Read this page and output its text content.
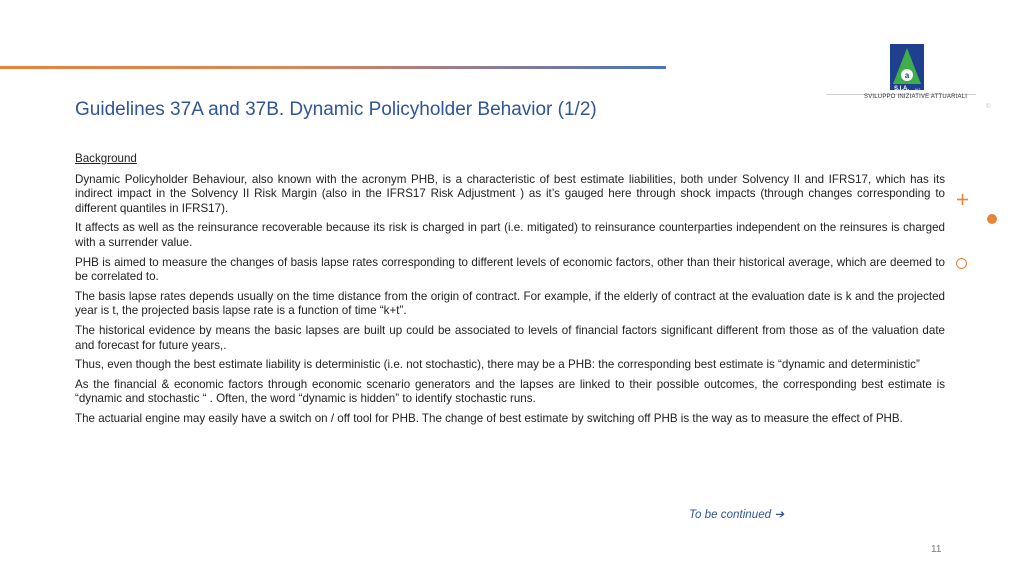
Guidelines 37A and 37B. Dynamic Policyholder Behavior (1/2)
a
S.I.A. s.r.l.
SVILUPPO INIZIATIVE ATTUARIALI
©

Background

Dynamic Policyholder Behaviour, also known with the acronym PHB, is a characteristic of best estimate liabilities, both under Solvency II and IFRS17, which has its indirect impact in the Solvency II Risk Margin (also in the IFRS17 Risk Adjustment ) as it’s gauged here through shock impacts (through changes corresponding to different quantiles in IFRS17).

It affects as well as the reinsurance recoverable because its risk is charged in part (i.e. mitigated) to reinsurance counterparties independent on the reinsures is charged with a surrender value.

PHB is aimed to measure the changes of basis lapse rates corresponding to different levels of economic factors, other than their historical average, which are deemed to be correlated to.

The basis lapse rates depends usually on the time distance from the origin of contract. For example, if the elderly of contract at the evaluation date is k and the projected year is t, the projected basis lapse rate is a function of time “k+t”.

The historical evidence by means the basic lapses are built up could be associated to levels of financial factors significant different from those as of the valuation date and forecast for future years,.

Thus, even though the best estimate liability is deterministic (i.e. not stochastic), there may be a PHB: the corresponding best estimate is “dynamic and deterministic”

As the financial & economic factors through economic scenario generators and the lapses are linked to their possible outcomes, the corresponding best estimate is “dynamic and stochastic “ . Often, the word “dynamic is hidden” to identify stochastic runs.

The actuarial engine may easily have a switch on / off tool for PHB. The change of best estimate by switching off PHB is the way as to measure the effect of PHB.

To be continued ➔
11
